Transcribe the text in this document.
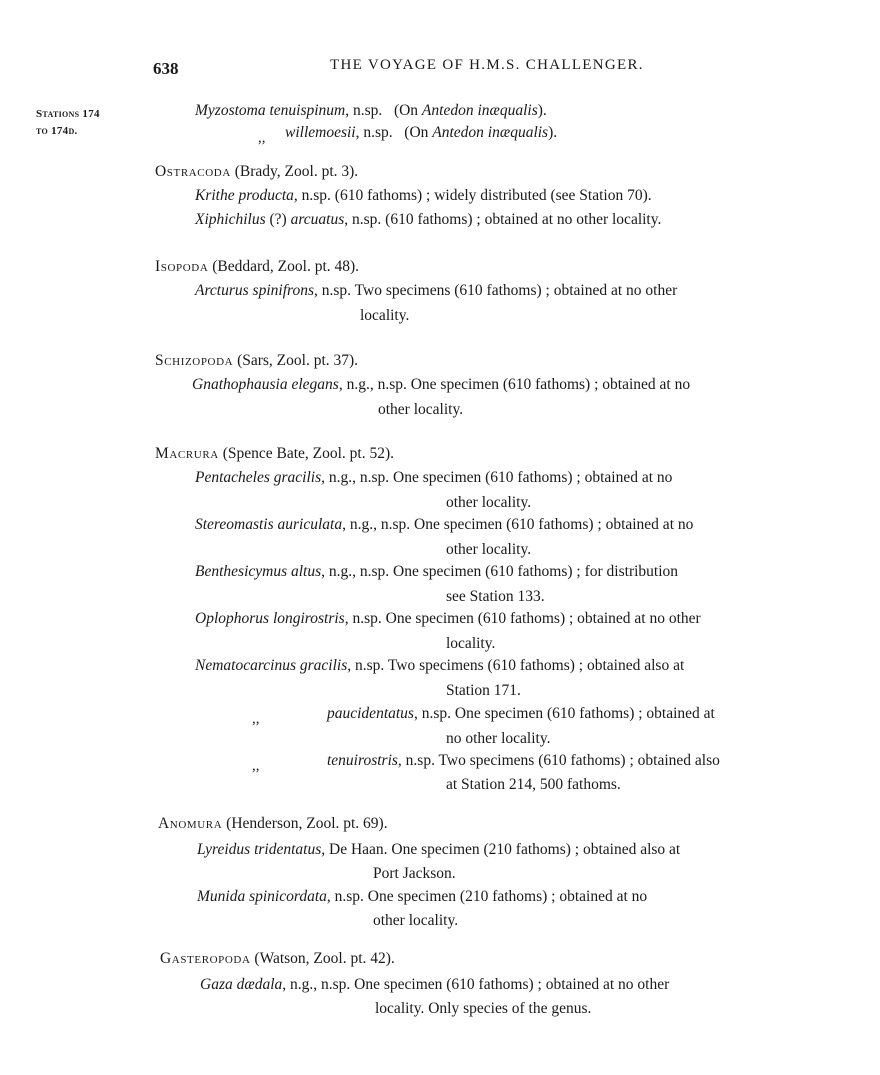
638	THE VOYAGE OF H.M.S. CHALLENGER.
Stations 174
to 174d.
Myzostoma tenuispinum, n.sp. (On Antedon inæqualis).
,, willemoesii, n.sp. (On Antedon inæqualis).
Ostracoda (Brady, Zool. pt. 3).
Krithe producta, n.sp. (610 fathoms) ; widely distributed (see Station 70).
Xiphichilus (?) arcuatus, n.sp. (610 fathoms) ; obtained at no other locality.
Isopoda (Beddard, Zool. pt. 48).
Arcturus spinifrons, n.sp. Two specimens (610 fathoms) ; obtained at no other
locality.
Schizopoda (Sars, Zool. pt. 37).
Gnathophausia elegans, n.g., n.sp. One specimen (610 fathoms) ; obtained at no
other locality.
Macrura (Spence Bate, Zool. pt. 52).
Pentacheles gracilis, n.g., n.sp. One specimen (610 fathoms) ; obtained at no
other locality.
Stereomastis auriculata, n.g., n.sp. One specimen (610 fathoms) ; obtained at no
other locality.
Benthesicymus altus, n.g., n.sp. One specimen (610 fathoms) ; for distribution
see Station 133.
Oplophorus longirostris, n.sp. One specimen (610 fathoms) ; obtained at no other
locality.
Nematocarcinus gracilis, n.sp. Two specimens (610 fathoms) ; obtained also at
Station 171.
,,	paucidentatus, n.sp. One specimen (610 fathoms) ; obtained at
no other locality.
,,	tenuirostris, n.sp. Two specimens (610 fathoms) ; obtained also
at Station 214, 500 fathoms.
Anomura (Henderson, Zool. pt. 69).
Lyreidus tridentatus, De Haan. One specimen (210 fathoms) ; obtained also at
Port Jackson.
Munida spinicordata, n.sp. One specimen (210 fathoms) ; obtained at no
other locality.
Gasteropoda (Watson, Zool. pt. 42).
Gaza dædala, n.g., n.sp. One specimen (610 fathoms) ; obtained at no other
locality. Only species of the genus.
